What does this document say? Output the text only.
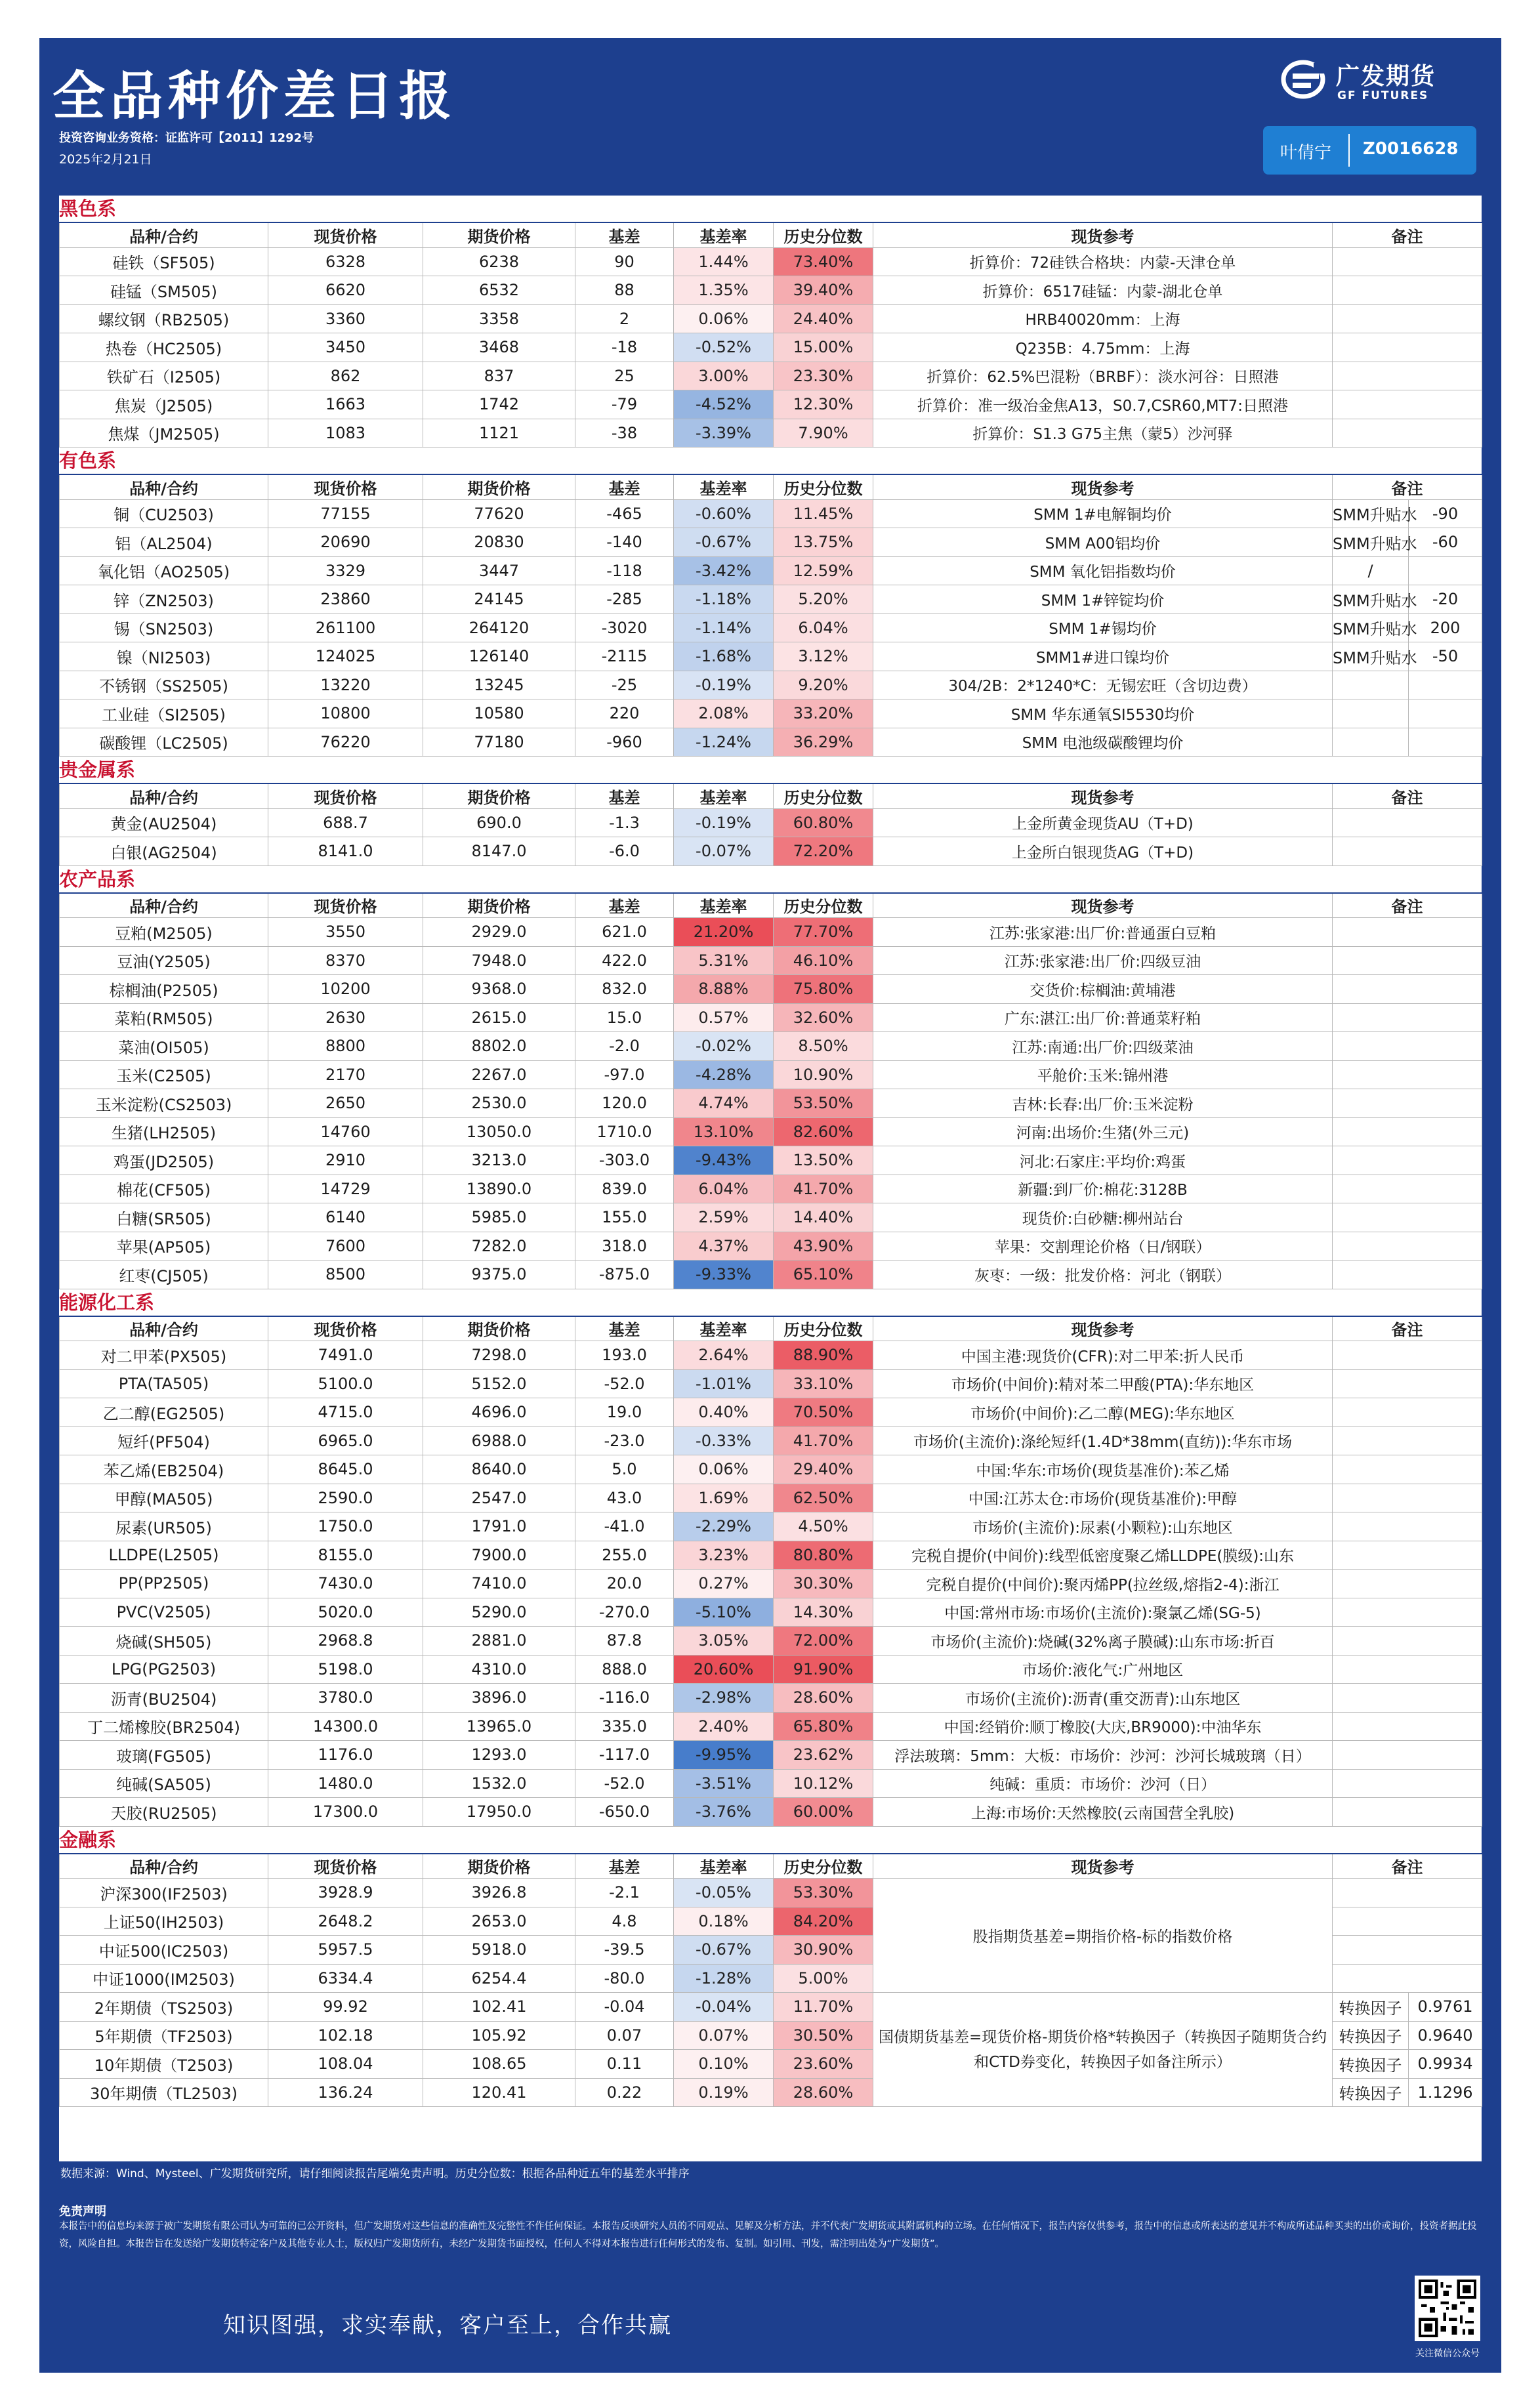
全品种价差日报
投资咨询业务资格：证监许可【2011】1292号
2025年2月21日
广发期货
GF FUTURES
叶倩宁 Z0016628
黑色系
品种/合约	现货价格	期货价格	基差	基差率	历史分位数	现货参考	备注
硅铁（SF505)	6328	6238	90	1.44%	73.40%	折算价：72硅铁合格块：内蒙-天津仓单	
硅锰（SM505)	6620	6532	88	1.35%	39.40%	折算价：6517硅锰：内蒙-湖北仓单	
螺纹钢（RB2505)	3360	3358	2	0.06%	24.40%	HRB40020mm：上海	
热卷（HC2505)	3450	3468	-18	-0.52%	15.00%	Q235B：4.75mm：上海	
铁矿石（I2505)	862	837	25	3.00%	23.30%	折算价：62.5%巴混粉（BRBF）：淡水河谷：日照港	
焦炭（J2505)	1663	1742	-79	-4.52%	12.30%	折算价：准一级冶金焦A13，S0.7,CSR60,MT7:日照港	
焦煤（JM2505)	1083	1121	-38	-3.39%	7.90%	折算价：S1.3 G75主焦（蒙5）沙河驿	
有色系
品种/合约	现货价格	期货价格	基差	基差率	历史分位数	现货参考	备注	
铜（CU2503)	77155	77620	-465	-0.60%	11.45%	SMM 1#电解铜均价	SMM升贴水	-90
铝（AL2504)	20690	20830	-140	-0.67%	13.75%	SMM A00铝均价	SMM升贴水	-60
氧化铝（AO2505)	3329	3447	-118	-3.42%	12.59%	SMM 氧化铝指数均价	/	
锌（ZN2503)	23860	24145	-285	-1.18%	5.20%	SMM 1#锌锭均价	SMM升贴水	-20
锡（SN2503)	261100	264120	-3020	-1.14%	6.04%	SMM 1#锡均价	SMM升贴水	200
镍（NI2503)	124025	126140	-2115	-1.68%	3.12%	SMM1#进口镍均价	SMM升贴水	-50
不锈钢（SS2505)	13220	13245	-25	-0.19%	9.20%	304/2B：2*1240*C：无锡宏旺（含切边费）		
工业硅（SI2505)	10800	10580	220	2.08%	33.20%	SMM 华东通氧SI5530均价		
碳酸锂（LC2505)	76220	77180	-960	-1.24%	36.29%	SMM 电池级碳酸锂均价		
贵金属系
品种/合约	现货价格	期货价格	基差	基差率	历史分位数	现货参考	备注
黄金(AU2504)	688.7	690.0	-1.3	-0.19%	60.80%	上金所黄金现货AU（T+D)	
白银(AG2504)	8141.0	8147.0	-6.0	-0.07%	72.20%	上金所白银现货AG（T+D)	
农产品系
品种/合约	现货价格	期货价格	基差	基差率	历史分位数	现货参考	备注
豆粕(M2505)	3550	2929.0	621.0	21.20%	77.70%	江苏:张家港:出厂价:普通蛋白豆粕	
豆油(Y2505)	8370	7948.0	422.0	5.31%	46.10%	江苏:张家港:出厂价:四级豆油	
棕榈油(P2505)	10200	9368.0	832.0	8.88%	75.80%	交货价:棕榈油:黄埔港	
菜粕(RM505)	2630	2615.0	15.0	0.57%	32.60%	广东:湛江:出厂价:普通菜籽粕	
菜油(OI505)	8800	8802.0	-2.0	-0.02%	8.50%	江苏:南通:出厂价:四级菜油	
玉米(C2505)	2170	2267.0	-97.0	-4.28%	10.90%	平舱价:玉米:锦州港	
玉米淀粉(CS2503)	2650	2530.0	120.0	4.74%	53.50%	吉林:长春:出厂价:玉米淀粉	
生猪(LH2505)	14760	13050.0	1710.0	13.10%	82.60%	河南:出场价:生猪(外三元)	
鸡蛋(JD2505)	2910	3213.0	-303.0	-9.43%	13.50%	河北:石家庄:平均价:鸡蛋	
棉花(CF505)	14729	13890.0	839.0	6.04%	41.70%	新疆:到厂价:棉花:3128B	
白糖(SR505)	6140	5985.0	155.0	2.59%	14.40%	现货价:白砂糖:柳州站台	
苹果(AP505)	7600	7282.0	318.0	4.37%	43.90%	苹果：交割理论价格（日/钢联）	
红枣(CJ505)	8500	9375.0	-875.0	-9.33%	65.10%	灰枣：一级：批发价格：河北（钢联）	
能源化工系
品种/合约	现货价格	期货价格	基差	基差率	历史分位数	现货参考	备注
对二甲苯(PX505)	7491.0	7298.0	193.0	2.64%	88.90%	中国主港:现货价(CFR):对二甲苯:折人民币	
PTA(TA505)	5100.0	5152.0	-52.0	-1.01%	33.10%	市场价(中间价):精对苯二甲酸(PTA):华东地区	
乙二醇(EG2505)	4715.0	4696.0	19.0	0.40%	70.50%	市场价(中间价):乙二醇(MEG):华东地区	
短纤(PF504)	6965.0	6988.0	-23.0	-0.33%	41.70%	市场价(主流价):涤纶短纤(1.4D*38mm(直纺)):华东市场	
苯乙烯(EB2504)	8645.0	8640.0	5.0	0.06%	29.40%	中国:华东:市场价(现货基准价):苯乙烯	
甲醇(MA505)	2590.0	2547.0	43.0	1.69%	62.50%	中国:江苏太仓:市场价(现货基准价):甲醇	
尿素(UR505)	1750.0	1791.0	-41.0	-2.29%	4.50%	市场价(主流价):尿素(小颗粒):山东地区	
LLDPE(L2505)	8155.0	7900.0	255.0	3.23%	80.80%	完税自提价(中间价):线型低密度聚乙烯LLDPE(膜级):山东	
PP(PP2505)	7430.0	7410.0	20.0	0.27%	30.30%	完税自提价(中间价):聚丙烯PP(拉丝级,熔指2-4):浙江	
PVC(V2505)	5020.0	5290.0	-270.0	-5.10%	14.30%	中国:常州市场:市场价(主流价):聚氯乙烯(SG-5)	
烧碱(SH505)	2968.8	2881.0	87.8	3.05%	72.00%	市场价(主流价):烧碱(32%离子膜碱):山东市场:折百	
LPG(PG2503)	5198.0	4310.0	888.0	20.60%	91.90%	市场价:液化气:广州地区	
沥青(BU2504)	3780.0	3896.0	-116.0	-2.98%	28.60%	市场价(主流价):沥青(重交沥青):山东地区	
丁二烯橡胶(BR2504)	14300.0	13965.0	335.0	2.40%	65.80%	中国:经销价:顺丁橡胶(大庆,BR9000):中油华东	
玻璃(FG505)	1176.0	1293.0	-117.0	-9.95%	23.62%	浮法玻璃：5mm：大板：市场价：沙河：沙河长城玻璃（日）	
纯碱(SA505)	1480.0	1532.0	-52.0	-3.51%	10.12%	纯碱：重质：市场价：沙河（日）	
天胶(RU2505)	17300.0	17950.0	-650.0	-3.76%	60.00%	上海:市场价:天然橡胶(云南国营全乳胶)	
金融系
品种/合约	现货价格	期货价格	基差	基差率	历史分位数	现货参考	备注	
沪深300(IF2503)	3928.9	3926.8	-2.1	-0.05%	53.30%	股指期货基差=期指价格-标的指数价格		
上证50(IH2503)	2648.2	2653.0	4.8	0.18%	84.20%			
中证500(IC2503)	5957.5	5918.0	-39.5	-0.67%	30.90%			
中证1000(IM2503)	6334.4	6254.4	-80.0	-1.28%	5.00%			
2年期债（TS2503)	99.92	102.41	-0.04	-0.04%	11.70%	国债期货基差=现货价格-期货价格*转换因子（转换因子随期货合约和CTD券变化，转换因子如备注所示）	转换因子	0.9761
5年期债（TF2503)	102.18	105.92	0.07	0.07%	30.50%		转换因子	0.9640
10年期债（T2503)	108.04	108.65	0.11	0.10%	23.60%		转换因子	0.9934
30年期债（TL2503)	136.24	120.41	0.22	0.19%	28.60%		转换因子	1.1296
数据来源：Wind、Mysteel、广发期货研究所，请仔细阅读报告尾端免责声明。历史分位数：根据各品种近五年的基差水平排序
免责声明
本报告中的信息均来源于被广发期货有限公司认为可靠的已公开资料，但广发期货对这些信息的准确性及完整性不作任何保证。本报告反映研究人员的不同观点、见解及分析方法，并不代表广发期货或其附属机构的立场。在任何情况下，报告内容仅供参考，报告中的信息或所表达的意见并不构成所述品种买卖的出价或询价，投资者据此投资，风险自担。本报告旨在发送给广发期货特定客户及其他专业人士，版权归广发期货所有，未经广发期货书面授权，任何人不得对本报告进行任何形式的发布、复制。如引用、刊发，需注明出处为“广发期货”。
知识图强，求实奉献，客户至上，合作共赢
关注微信公众号
